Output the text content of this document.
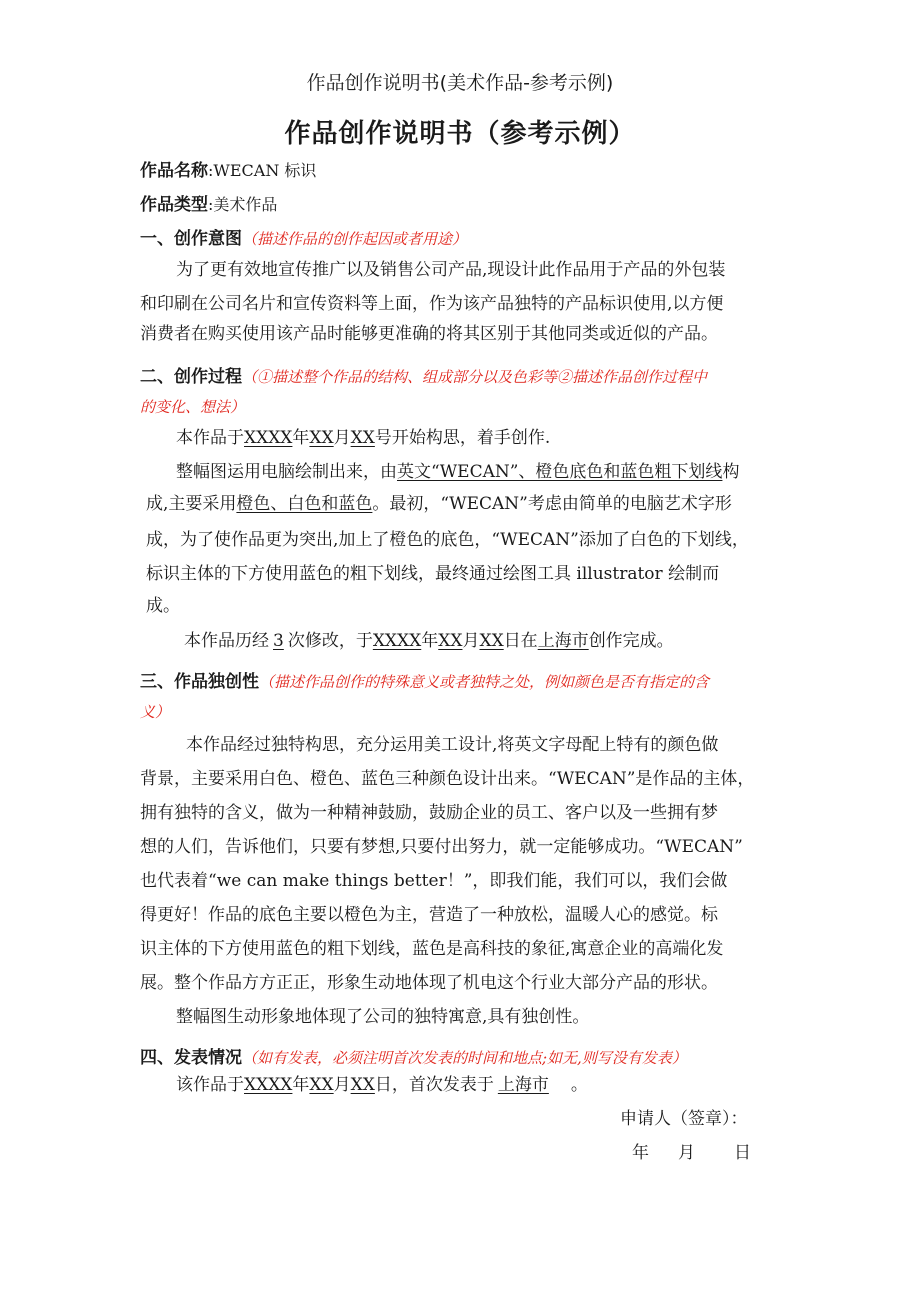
作品创作说明书(美术作品-参考示例)
作品创作说明书（参考示例）
作品名称:WECAN 标识
作品类型:美术作品
一、创作意图（描述作品的创作起因或者用途）
为了更有效地宣传推广以及销售公司产品,现设计此作品用于产品的外包装
和印刷在公司名片和宣传资料等上面，作为该产品独特的产品标识使用,以方便
消费者在购买使用该产品时能够更准确的将其区别于其他同类或近似的产品。
二、创作过程（①描述整个作品的结构、组成部分以及色彩等②描述作品创作过程中
的变化、想法）
本作品于XXXX年XX月XX号开始构思，着手创作.
整幅图运用电脑绘制出来，由英文“WECAN”、橙色底色和蓝色粗下划线构
成,主要采用橙色、白色和蓝色。最初，“WECAN”考虑由简单的电脑艺术字形
成，为了使作品更为突出,加上了橙色的底色，“WECAN”添加了白色的下划线，
标识主体的下方使用蓝色的粗下划线，最终通过绘图工具 illustrator 绘制而
成。
本作品历经 3 次修改，于XXXX年XX月XX日在上海市创作完成。
三、作品独创性（描述作品创作的特殊意义或者独特之处，例如颜色是否有指定的含
义）
本作品经过独特构思，充分运用美工设计,将英文字母配上特有的颜色做
背景，主要采用白色、橙色、蓝色三种颜色设计出来。“WECAN”是作品的主体，
拥有独特的含义，做为一种精神鼓励，鼓励企业的员工、客户以及一些拥有梦
想的人们，告诉他们，只要有梦想,只要付出努力，就一定能够成功。“WECAN”
也代表着“we can make things better！”，即我们能，我们可以，我们会做
得更好！作品的底色主要以橙色为主，营造了一种放松，温暖人心的感觉。标
识主体的下方使用蓝色的粗下划线，蓝色是高科技的象征,寓意企业的高端化发
展。整个作品方方正正，形象生动地体现了机电这个行业大部分产品的形状。
整幅图生动形象地体现了公司的独特寓意,具有独创性。
四、发表情况（如有发表，必须注明首次发表的时间和地点;如无,则写没有发表）
该作品于XXXX年XX月XX日，首次发表于 上海市 。
申请人（签章）：
年 月 日
